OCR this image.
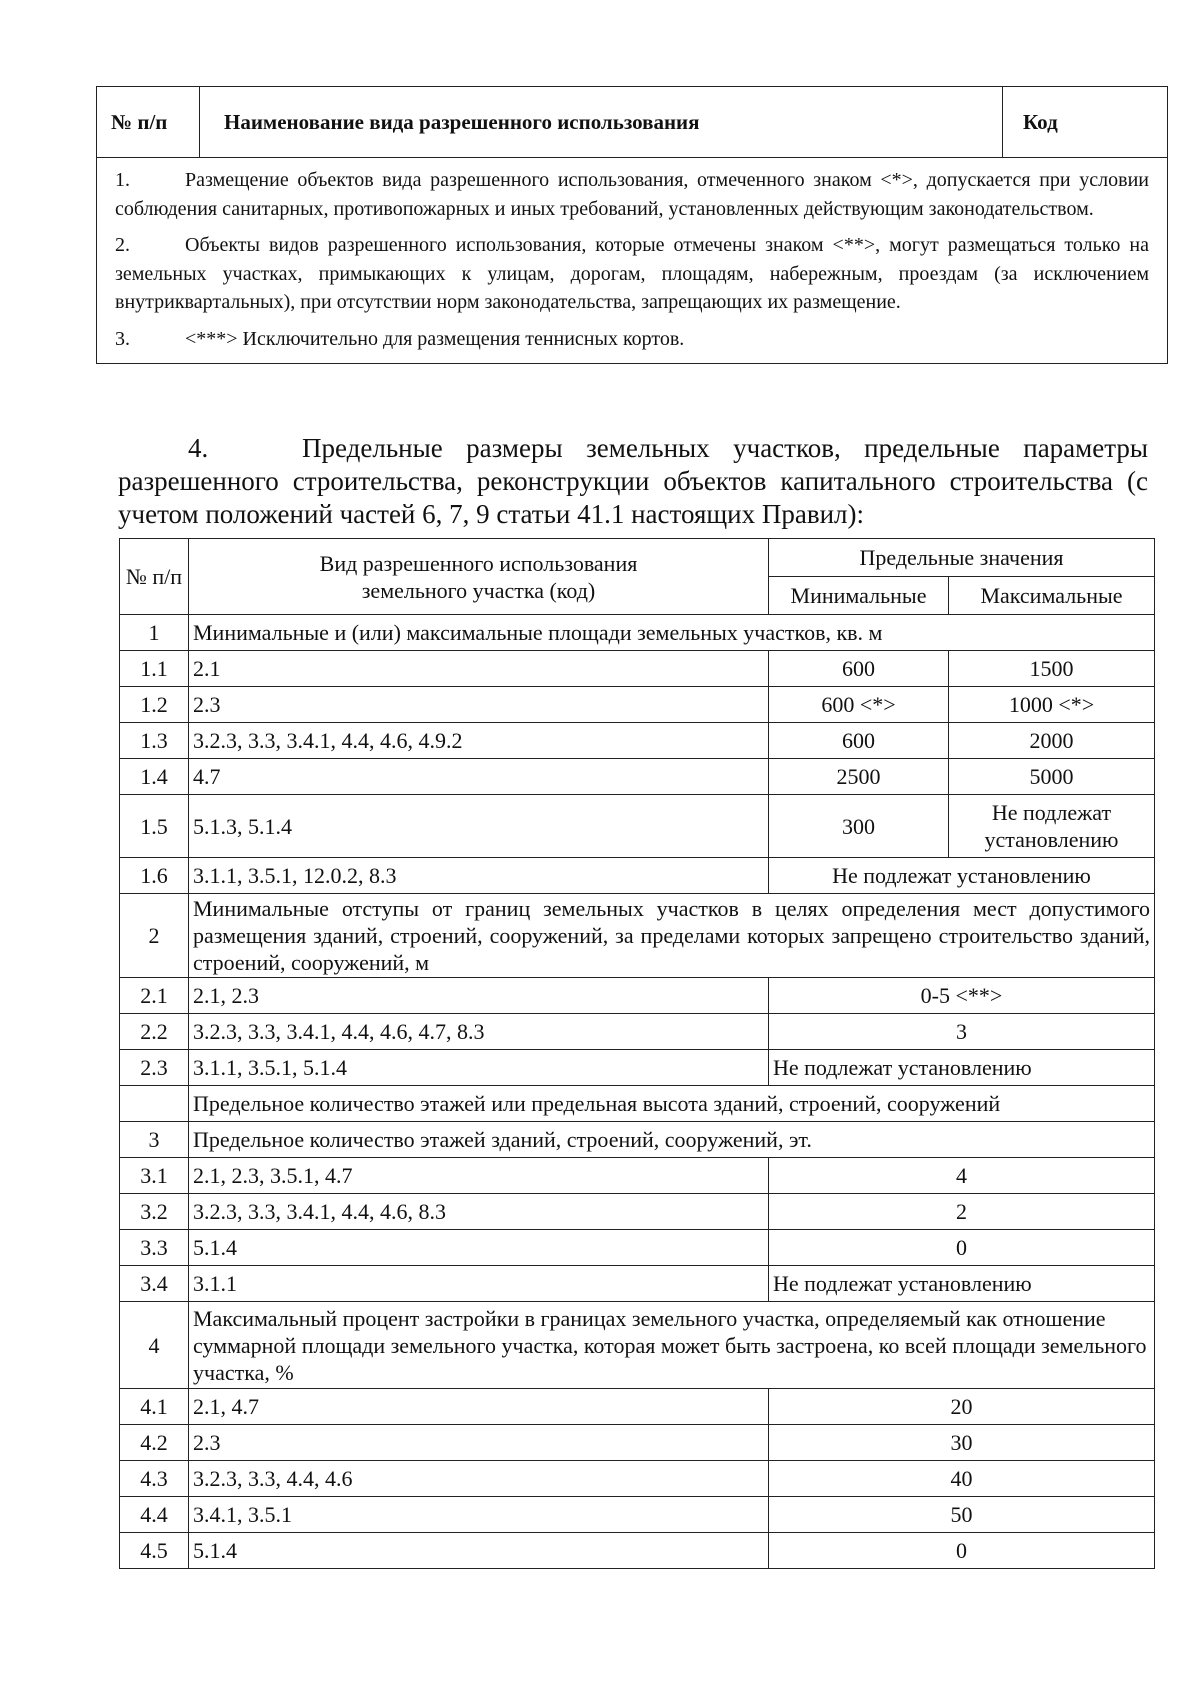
№ п/п	Наименование вида разрешенного использования	Код

1.	Размещение объектов вида разрешенного использования, отмеченного знаком <*>, допускается при условии соблюдения санитарных, противопожарных и иных требований, установленных действующим законодательством.

2.	Объекты видов разрешенного использования, которые отмечены знаком <**>, могут размещаться только на земельных участках, примыкающих к улицам, дорогам, площадям, набережным, проездам (за исключением внутриквартальных), при отсутствии норм законодательства, запрещающих их размещение.

3.	<***> Исключительно для размещения теннисных кортов.

4.	Предельные размеры земельных участков, предельные параметры разрешенного строительства, реконструкции объектов капитального строительства (с учетом положений частей 6, 7, 9 статьи 41.1 настоящих Правил):
№ п/п	Вид разрешенного использования земельного участка (код)	Предельные значения	
		Минимальные	Максимальные
1	Минимальные и (или) максимальные площади земельных участков, кв. м		
1.1	2.1	600	1500
1.2	2.3	600 <*>	1000 <*>
1.3	3.2.3, 3.3, 3.4.1, 4.4, 4.6, 4.9.2	600	2000
1.4	4.7	2500	5000
1.5	5.1.3, 5.1.4	300	Не подлежат установлению
1.6	3.1.1, 3.5.1, 12.0.2, 8.3	Не подлежат установлению	
2	Минимальные отступы от границ земельных участков в целях определения мест допустимого размещения зданий, строений, сооружений, за пределами которых запрещено строительство зданий, строений, сооружений, м		
2.1	2.1, 2.3	0-5 <**>	
2.2	3.2.3, 3.3, 3.4.1, 4.4, 4.6, 4.7, 8.3	3	
2.3	3.1.1, 3.5.1, 5.1.4	Не подлежат установлению	
	Предельное количество этажей или предельная высота зданий, строений, сооружений		
3	Предельное количество этажей зданий, строений, сооружений, эт.		
3.1	2.1, 2.3, 3.5.1, 4.7	4	
3.2	3.2.3, 3.3, 3.4.1, 4.4, 4.6, 8.3	2	
3.3	5.1.4	0	
3.4	3.1.1	Не подлежат установлению	
4	Максимальный процент застройки в границах земельного участка, определяемый как отношение суммарной площади земельного участка, которая может быть застроена, ко всей площади земельного участка, %		
4.1	2.1, 4.7	20	
4.2	2.3	30	
4.3	3.2.3, 3.3, 4.4, 4.6	40	
4.4	3.4.1, 3.5.1	50	
4.5	5.1.4	0	
